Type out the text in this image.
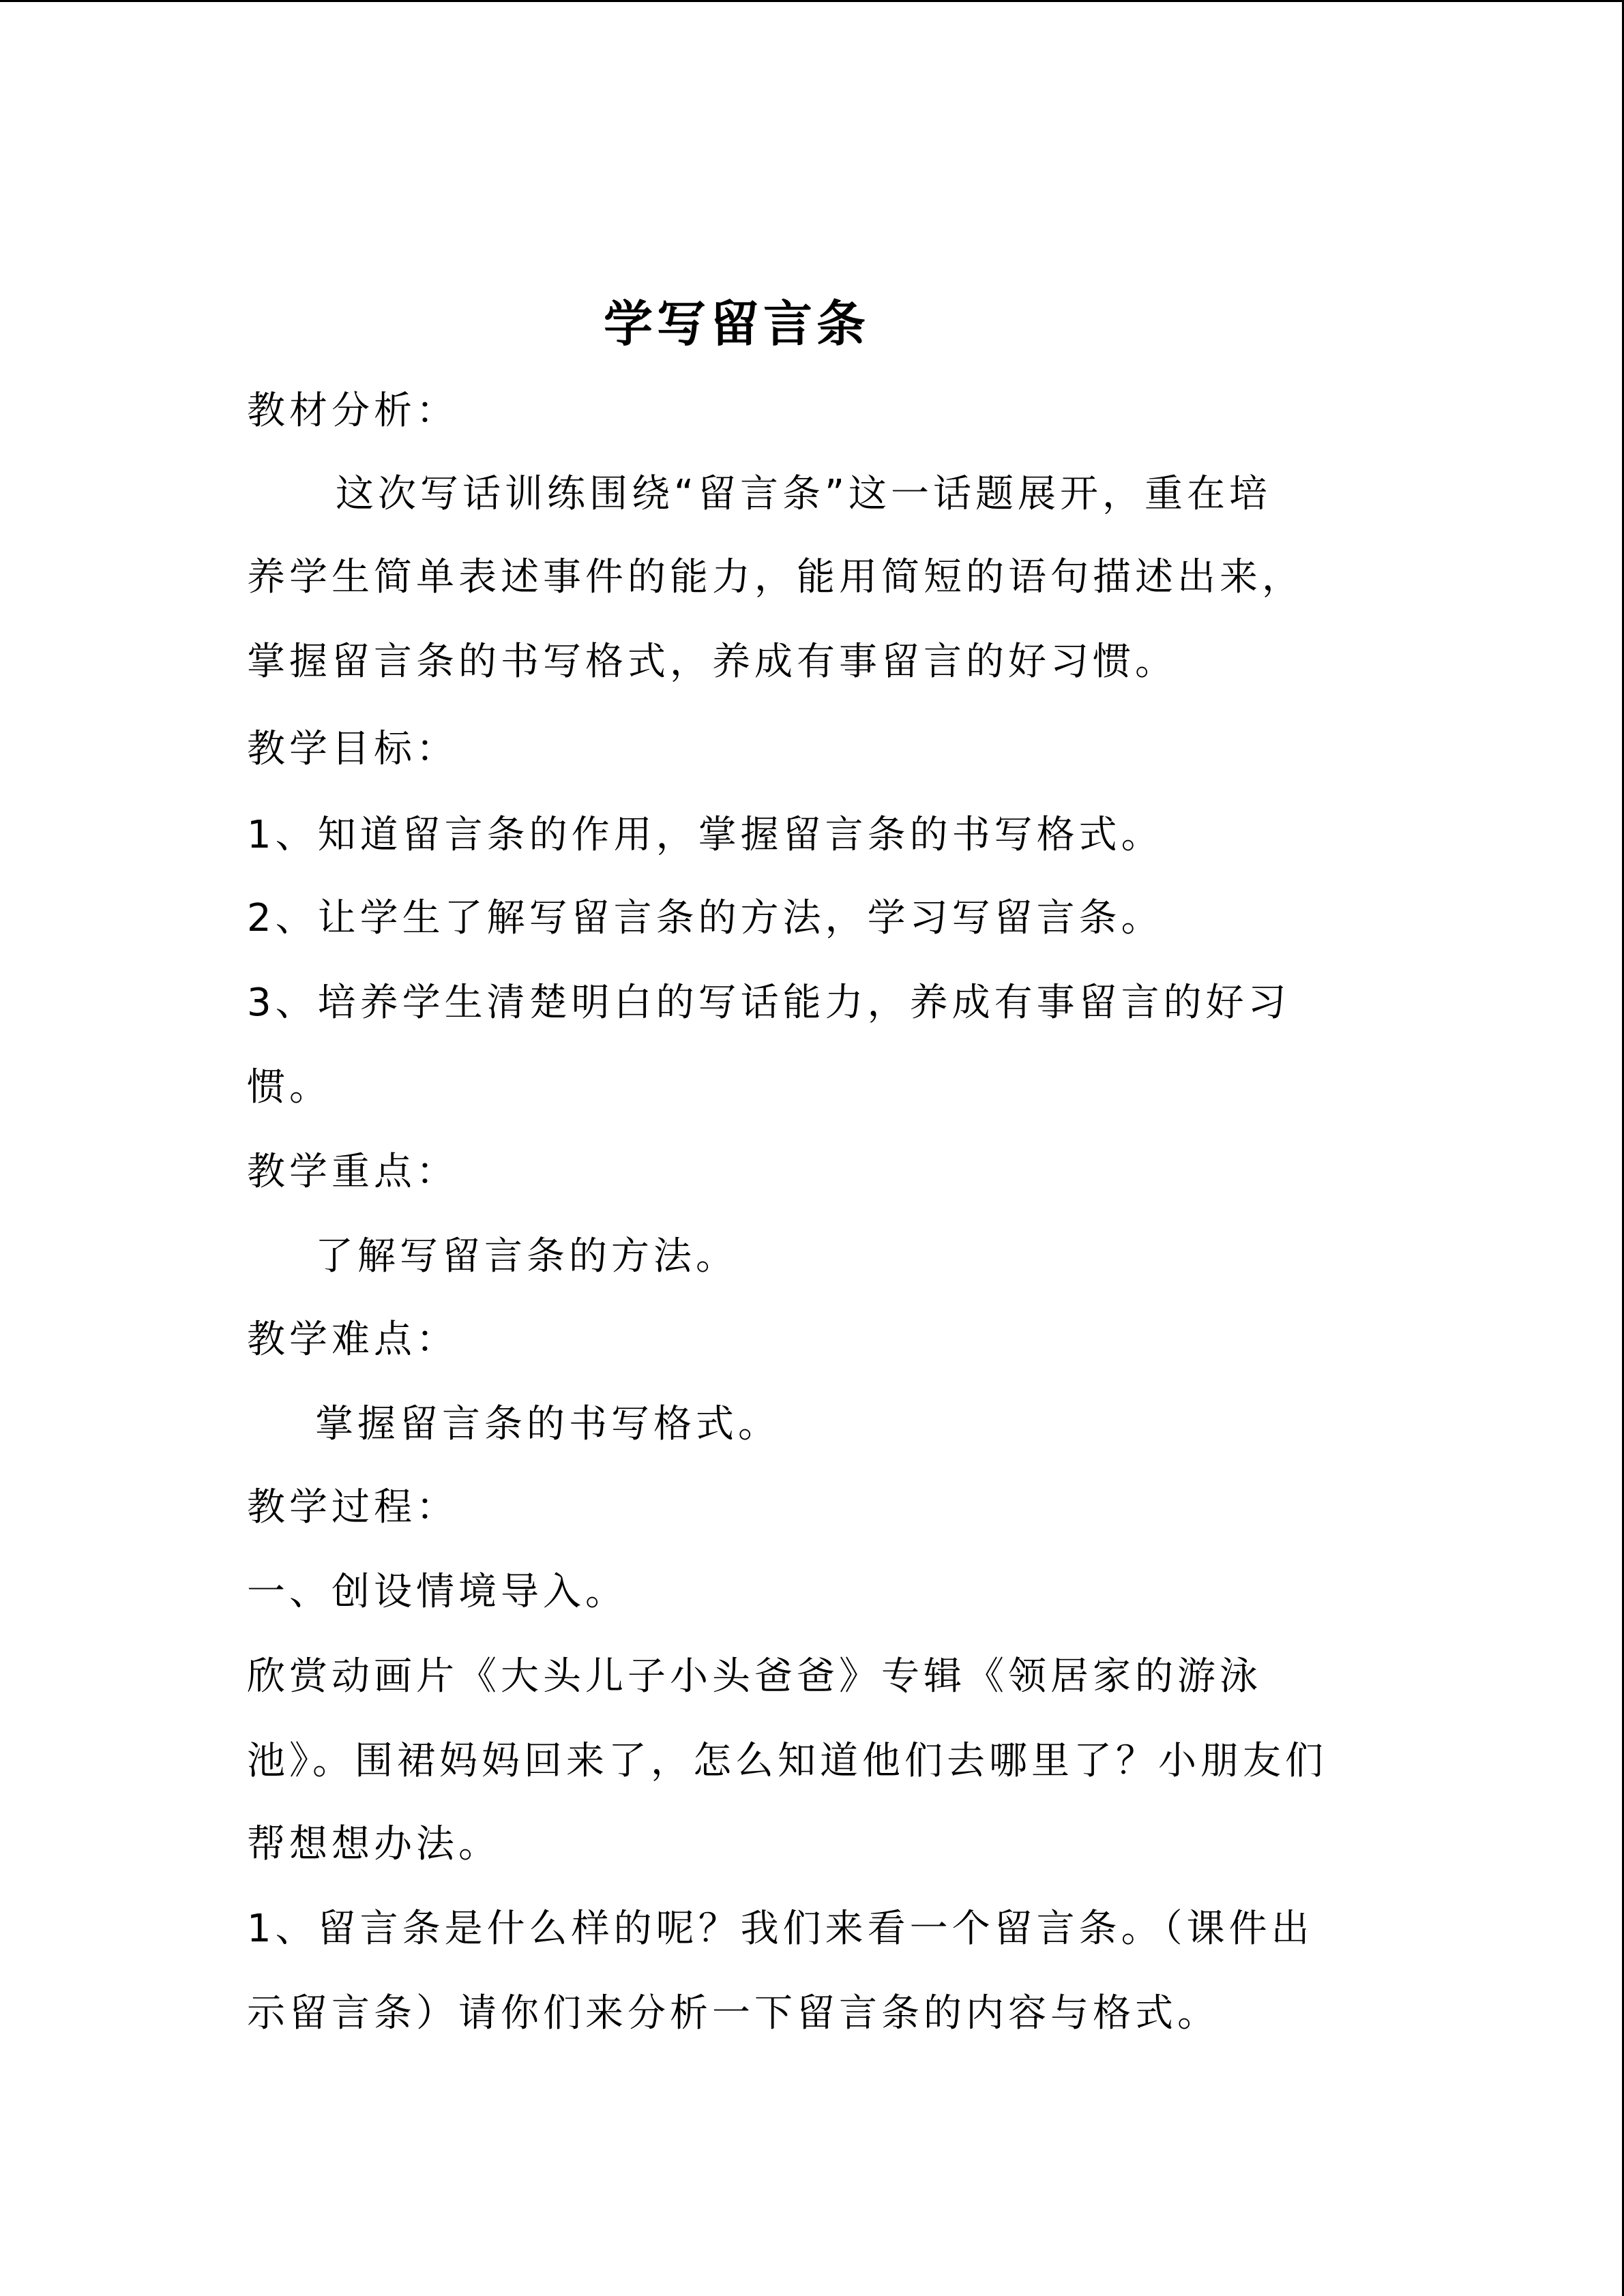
学写留言条
教材分析：
这次写话训练围绕“留言条”这一话题展开，重在培
养学生简单表述事件的能力，能用简短的语句描述出来，
掌握留言条的书写格式，养成有事留言的好习惯。
教学目标：
1、知道留言条的作用，掌握留言条的书写格式。
2、让学生了解写留言条的方法，学习写留言条。
3、培养学生清楚明白的写话能力，养成有事留言的好习
惯。
教学重点：
了解写留言条的方法。
教学难点：
掌握留言条的书写格式。
教学过程：
一、创设情境导入。
欣赏动画片《大头儿子小头爸爸》专辑《领居家的游泳
池》。围裙妈妈回来了，怎么知道他们去哪里了？小朋友们
帮想想办法。
1、留言条是什么样的呢？我们来看一个留言条。（课件出
示留言条）请你们来分析一下留言条的内容与格式。
